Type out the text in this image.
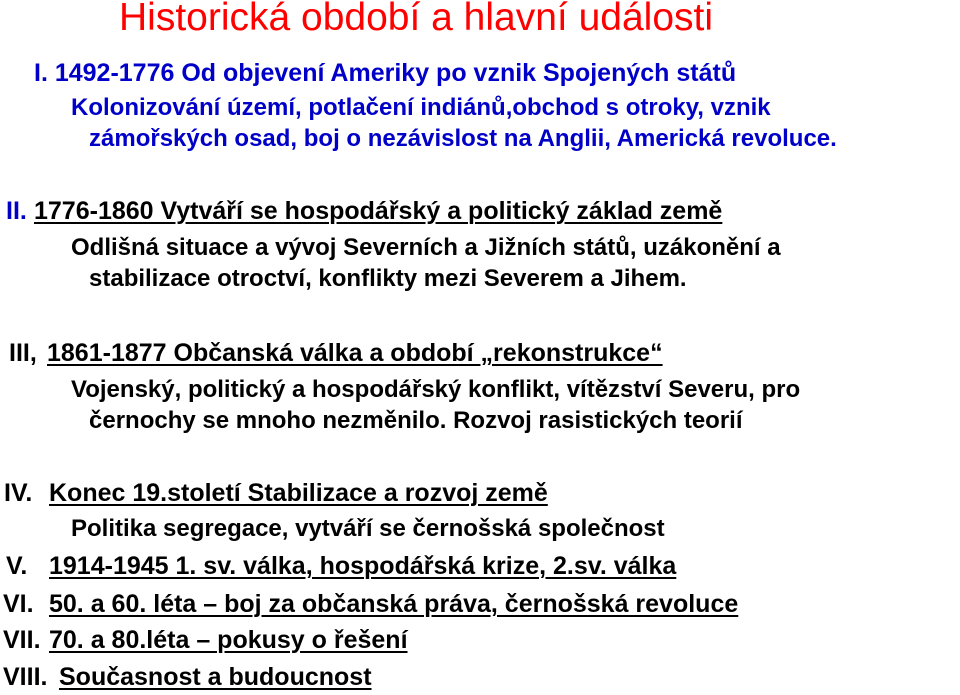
Historická období a hlavní události
I. 1492-1776 Od objevení Ameriky po vznik Spojených států
Kolonizování území, potlačení indiánů,obchod s otroky, vznik
zámořských osad, boj o nezávislost na Anglii, Americká revoluce.
II. 1776-1860 Vytváří se hospodářský a politický základ země
Odlišná situace a vývoj Severních a Jižních států, uzákonění a
stabilizace otroctví, konflikty mezi Severem a Jihem.
III, 1861-1877 Občanská válka a období „rekonstrukce“
Vojenský, politický a hospodářský konflikt, vítězství Severu, pro
černochy se mnoho nezměnilo. Rozvoj rasistických teorií
IV. Konec 19.století Stabilizace a rozvoj země
Politika segregace, vytváří se černošská společnost
V. 1914-1945 1. sv. válka, hospodářská krize, 2.sv. válka
VI. 50. a 60. léta – boj za občanská práva, černošská revoluce
VII. 70. a 80.léta – pokusy o řešení
VIII. Současnost a budoucnost
